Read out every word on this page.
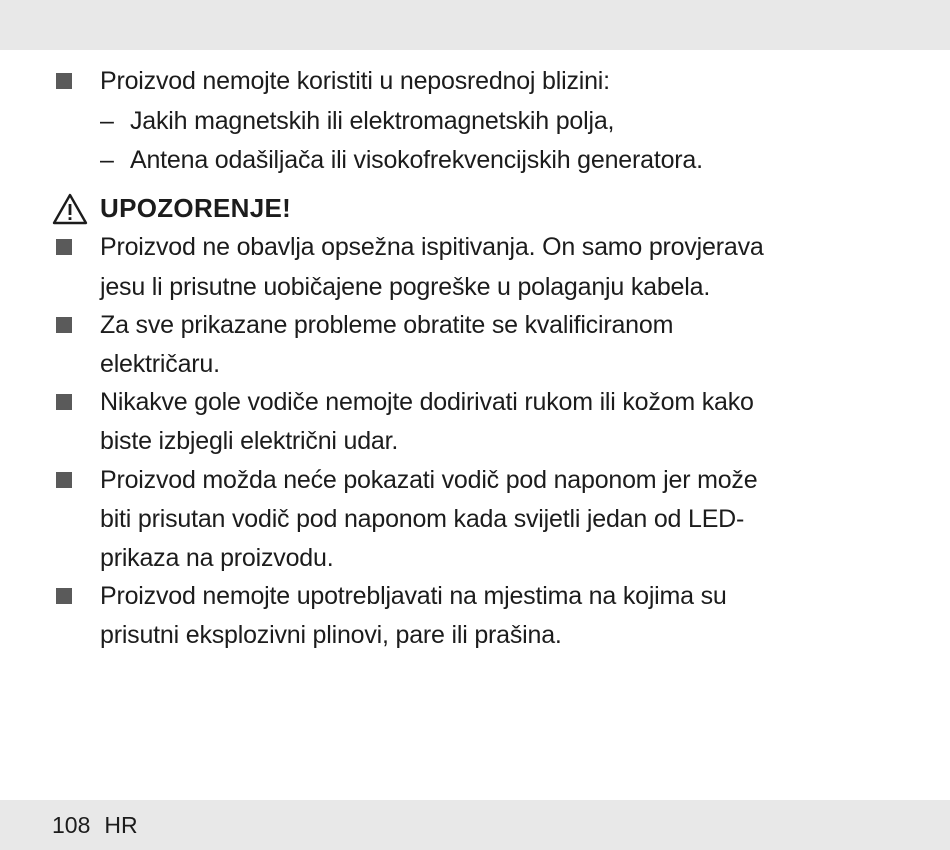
Proizvod nemojte koristiti u neposrednoj blizini:
– Jakih magnetskih ili elektromagnetskih polja,
– Antena odašiljača ili visokofrekvencijskih generatora.
UPOZORENJE!
Proizvod ne obavlja opsežna ispitivanja. On samo provjerava
jesu li prisutne uobičajene pogreške u polaganju kabela.
Za sve prikazane probleme obratite se kvalificiranom
električaru.
Nikakve gole vodiče nemojte dodirivati rukom ili kožom kako
biste izbjegli električni udar.
Proizvod možda neće pokazati vodič pod naponom jer može
biti prisutan vodič pod naponom kada svijetli jedan od LED-
prikaza na proizvodu.
Proizvod nemojte upotrebljavati na mjestima na kojima su
prisutni eksplozivni plinovi, pare ili prašina.
108 HR
